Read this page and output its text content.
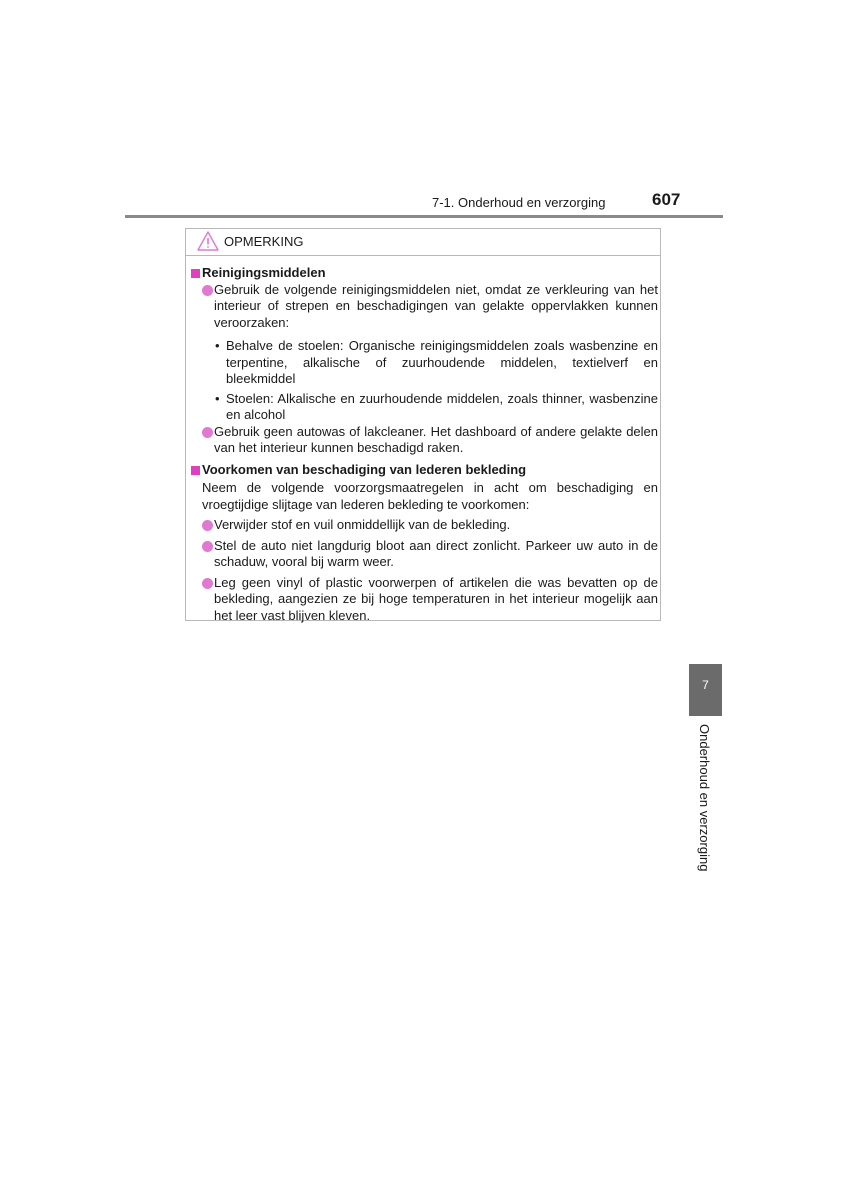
7-1. Onderhoud en verzorging	607
OPMERKING
Reinigingsmiddelen
Gebruik de volgende reinigingsmiddelen niet, omdat ze verkleuring van het interieur of strepen en beschadigingen van gelakte oppervlakken kunnen veroorzaken:
• Behalve de stoelen: Organische reinigingsmiddelen zoals wasbenzine en terpentine, alkalische of zuurhoudende middelen, textielverf en bleekmiddel
• Stoelen: Alkalische en zuurhoudende middelen, zoals thinner, wasbenzine en alcohol
Gebruik geen autowas of lakcleaner. Het dashboard of andere gelakte delen van het interieur kunnen beschadigd raken.
Voorkomen van beschadiging van lederen bekleding
Neem de volgende voorzorgsmaatregelen in acht om beschadiging en vroegtijdige slijtage van lederen bekleding te voorkomen:
Verwijder stof en vuil onmiddellijk van de bekleding.
Stel de auto niet langdurig bloot aan direct zonlicht. Parkeer uw auto in de schaduw, vooral bij warm weer.
Leg geen vinyl of plastic voorwerpen of artikelen die was bevatten op de bekleding, aangezien ze bij hoge temperaturen in het interieur mogelijk aan het leer vast blijven kleven.
7
Onderhoud en verzorging
